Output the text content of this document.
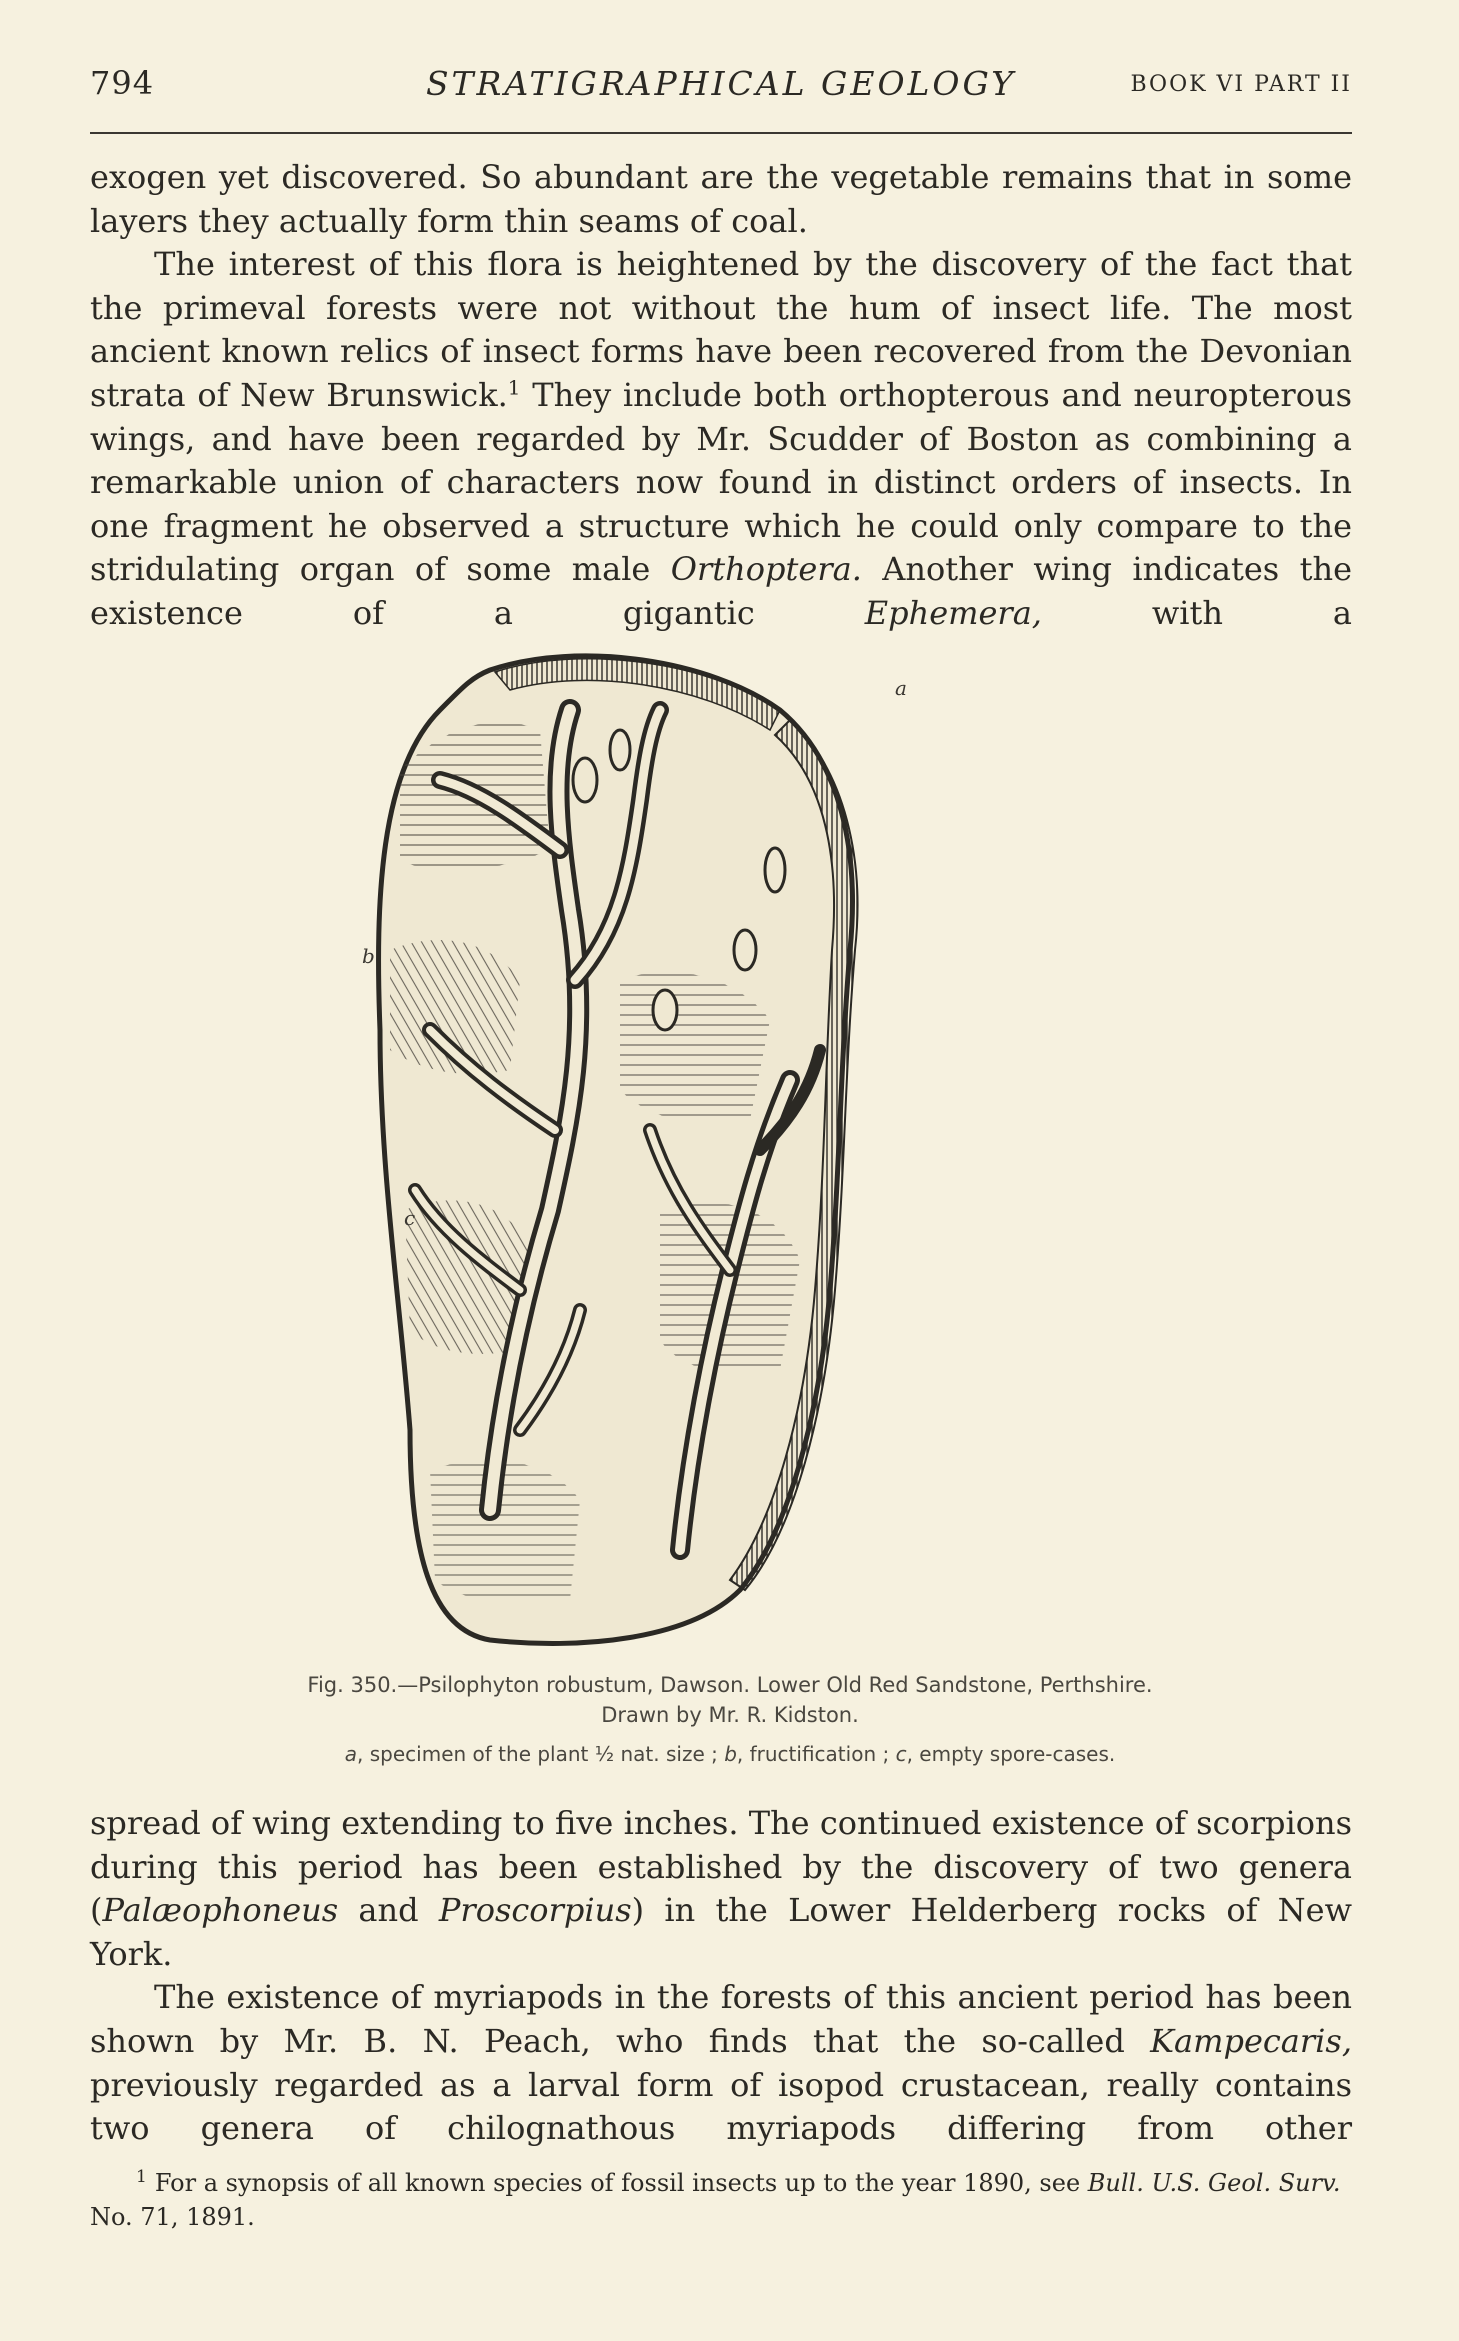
794	STRATIGRAPHICAL GEOLOGY	BOOK VI PART II

exogen yet discovered. So abundant are the vegetable remains that in some layers they actually form thin seams of coal.

The interest of this flora is heightened by the discovery of the fact that the primeval forests were not without the hum of insect life. The most ancient known relics of insect forms have been recovered from the Devonian strata of New Brunswick.$^1$ They include both orthopterous and neuropterous wings, and have been regarded by Mr. Scudder of Boston as combining a remarkable union of characters now found in distinct orders of insects. In one fragment he observed a structure which he could only compare to the stridulating organ of some male Orthoptera. Another wing indicates the existence of a gigantic Ephemera, with a

a
b
c
Fig. 350.—Psilophyton robustum, Dawson. Lower Old Red Sandstone, Perthshire.
Drawn by Mr. R. Kidston.
a, specimen of the plant ½ nat. size ; b, fructification ; c, empty spore-cases.

spread of wing extending to five inches. The continued existence of scorpions during this period has been established by the discovery of two genera (Palæophoneus and Proscorpius) in the Lower Helderberg rocks of New York.

The existence of myriapods in the forests of this ancient period has been shown by Mr. B. N. Peach, who finds that the so-called Kampecaris, previously regarded as a larval form of isopod crustacean, really contains two genera of chilognathous myriapods differing from other

$^1$ For a synopsis of all known species of fossil insects up to the year 1890, see Bull. U.S. Geol. Surv. No. 71, 1891.
